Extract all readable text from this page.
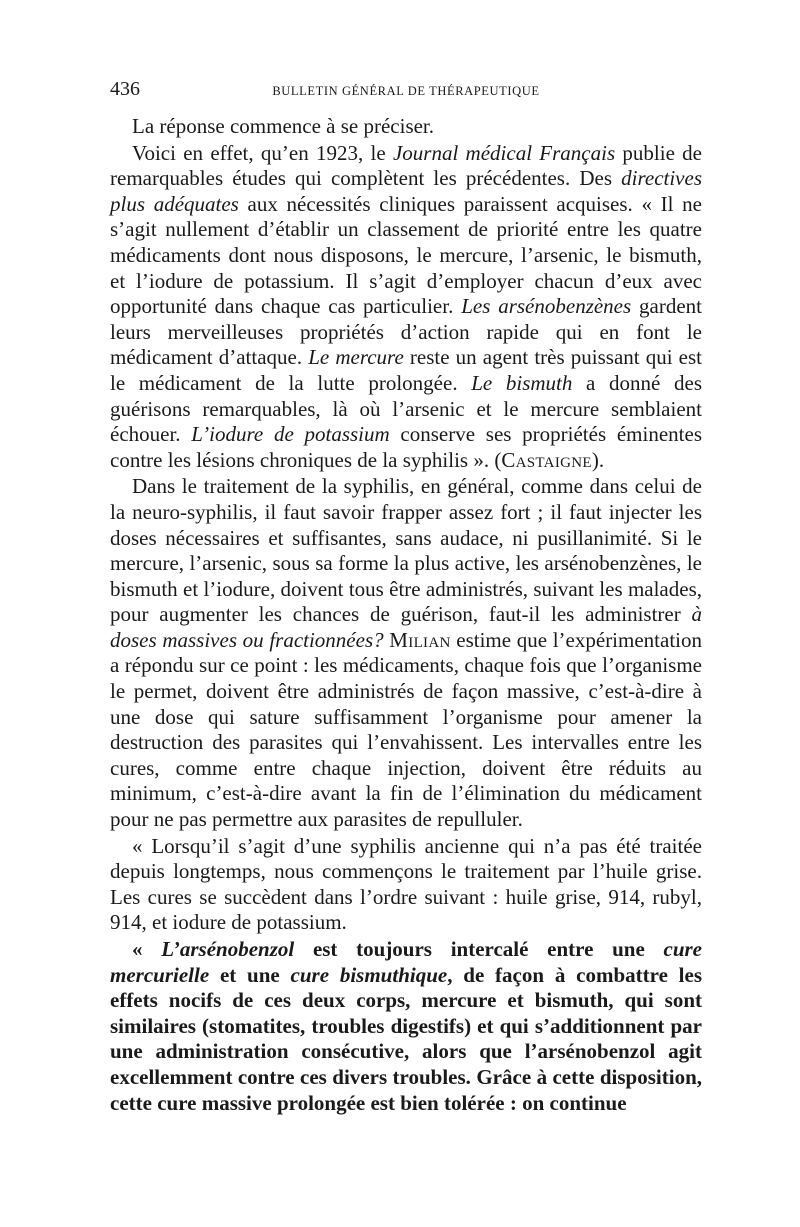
436	BULLETIN GÉNÉRAL DE THÉRAPEUTIQUE

La réponse commence à se préciser.

Voici en effet, qu’en 1923, le Journal médical Français publie de remarquables études qui complètent les précédentes. Des directives plus adéquates aux nécessités cliniques paraissent acquises. « Il ne s’agit nullement d’établir un classement de priorité entre les quatre médicaments dont nous disposons, le mercure, l’arsenic, le bismuth, et l’iodure de potassium. Il s’agit d’employer chacun d’eux avec opportunité dans chaque cas particulier. Les arsénobenzènes gardent leurs merveilleuses propriétés d’action rapide qui en font le médicament d’attaque. Le mercure reste un agent très puissant qui est le médicament de la lutte prolongée. Le bismuth a donné des guérisons remarquables, là où l’arsenic et le mercure semblaient échouer. L’iodure de potassium conserve ses propriétés éminentes contre les lésions chroniques de la syphilis ». (Castaigne).

Dans le traitement de la syphilis, en général, comme dans celui de la neuro-syphilis, il faut savoir frapper assez fort ; il faut injecter les doses nécessaires et suffisantes, sans audace, ni pusillanimité. Si le mercure, l’arsenic, sous sa forme la plus active, les arsénobenzènes, le bismuth et l’iodure, doivent tous être administrés, suivant les malades, pour augmenter les chances de guérison, faut-il les administrer à doses massives ou fractionnées? Milian estime que l’expérimentation a répondu sur ce point : les médicaments, chaque fois que l’organisme le permet, doivent être administrés de façon massive, c’est-à-dire à une dose qui sature suffisamment l’organisme pour amener la destruction des parasites qui l’envahissent. Les intervalles entre les cures, comme entre chaque injection, doivent être réduits au minimum, c’est-à-dire avant la fin de l’élimination du médicament pour ne pas permettre aux parasites de repulluler.

« Lorsqu’il s’agit d’une syphilis ancienne qui n’a pas été traitée depuis longtemps, nous commençons le traitement par l’huile grise. Les cures se succèdent dans l’ordre suivant : huile grise, 914, rubyl, 914, et iodure de potassium.

« L’arsénobenzol est toujours intercalé entre une cure mercurielle et une cure bismuthique, de façon à combattre les effets nocifs de ces deux corps, mercure et bismuth, qui sont similaires (stomatites, troubles digestifs) et qui s’additionnent par une administration consécutive, alors que l’arsénobenzol agit excellemment contre ces divers troubles. Grâce à cette disposition, cette cure massive prolongée est bien tolérée : on continue
